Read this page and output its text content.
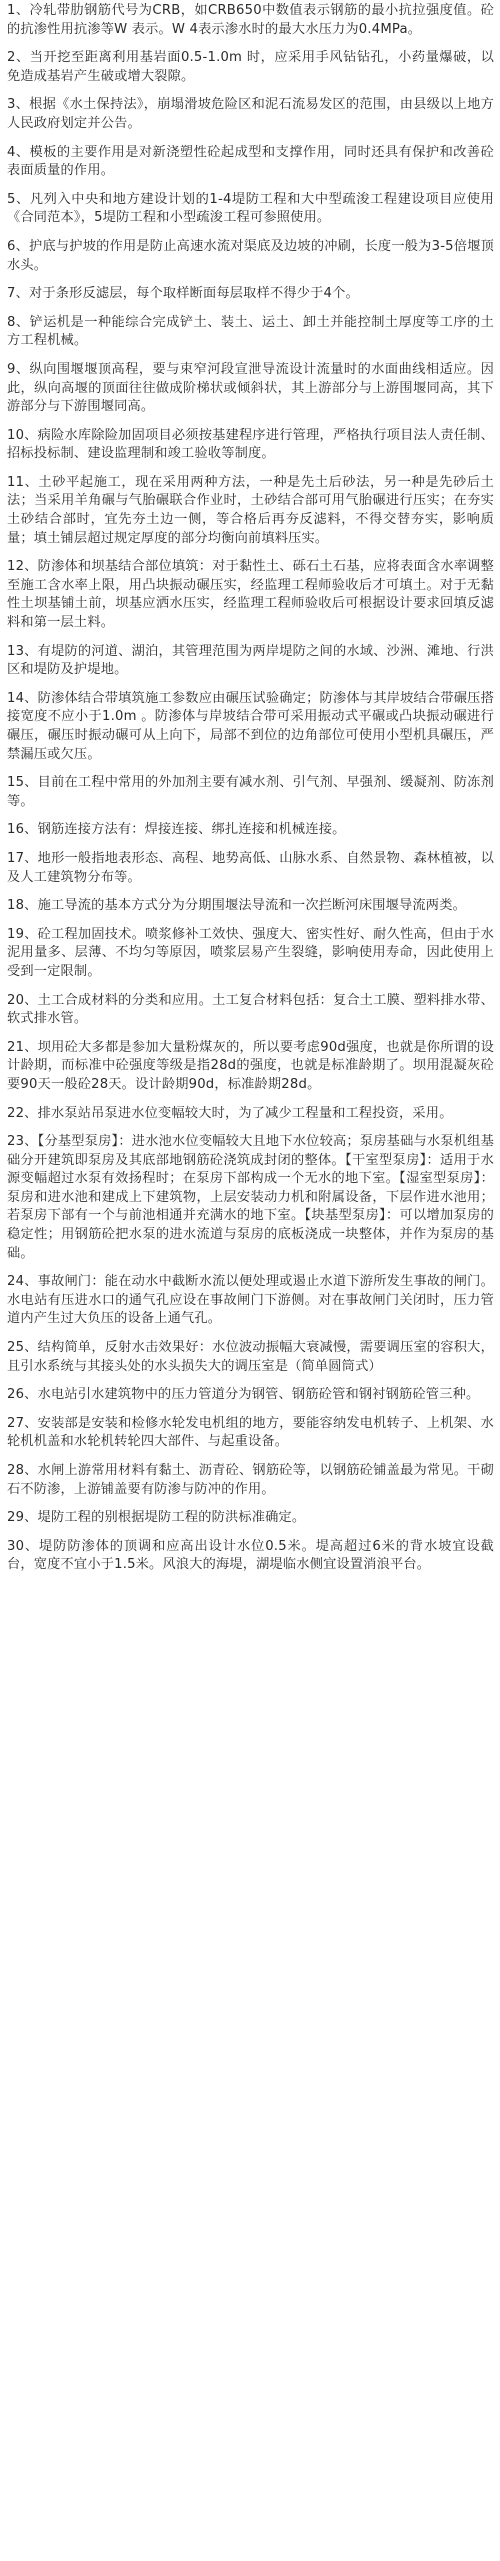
1、冷轧带肋钢筋代号为CRB，如CRB650中数值表示钢筋的最小抗拉强度值。砼的抗渗性用抗渗等W 表示。W 4表示渗水时的最大水压力为0.4MPa。

2、当开挖至距离利用基岩面0.5-1.0m 时，应采用手风钻钻孔，小药量爆破，以免造成基岩产生破或增大裂隙。

3、根据《水土保持法》，崩塌滑坡危险区和泥石流易发区的范围，由县级以上地方人民政府划定并公告。

4、模板的主要作用是对新浇塑性砼起成型和支撑作用，同时还具有保护和改善砼表面质量的作用。

5、凡列入中央和地方建设计划的1-4堤防工程和大中型疏浚工程建设项目应使用《合同范本》，5堤防工程和小型疏浚工程可参照使用。

6、护底与护坡的作用是防止高速水流对渠底及边坡的冲刷，长度一般为3-5倍堰顶水头。

7、对于条形反滤层，每个取样断面每层取样不得少于4个。

8、铲运机是一种能综合完成铲土、装土、运土、卸土并能控制土厚度等工序的土方工程机械。

9、纵向围堰堰顶高程，要与束窄河段宣泄导流设计流量时的水面曲线相适应。因此，纵向高堰的顶面往往做成阶梯状或倾斜状，其上游部分与上游围堰同高，其下游部分与下游围堰同高。

10、病险水库除险加固项目必须按基建程序进行管理，严格执行项目法人责任制、招标投标制、建设监理制和竣工验收等制度。

11、土砂平起施工，现在采用两种方法，一种是先土后砂法，另一种是先砂后土法；当采用羊角碾与气胎碾联合作业时，土砂结合部可用气胎碾进行压实；在夯实土砂结合部时，宜先夯土边一侧，等合格后再夯反滤料，不得交替夯实，影响质量；填土铺层超过规定厚度的部分均衡向前填料压实。

12、防渗体和坝基结合部位填筑：对于黏性土、砾石土石基，应将表面含水率调整至施工含水率上限，用凸块振动碾压实，经监理工程师验收后才可填土。对于无黏性土坝基铺土前，坝基应洒水压实，经监理工程师验收后可根据设计要求回填反滤料和第一层土料。

13、有堤防的河道、湖泊，其管理范围为两岸堤防之间的水域、沙洲、滩地、行洪区和堤防及护堤地。

14、防渗体结合带填筑施工参数应由碾压试验确定；防渗体与其岸坡结合带碾压搭接宽度不应小于1.0m 。防渗体与岸坡结合带可采用振动式平碾或凸块振动碾进行碾压，碾压时振动碾可从上向下，局部不到位的边角部位可使用小型机具碾压，严禁漏压或欠压。

15、目前在工程中常用的外加剂主要有减水剂、引气剂、早强剂、缓凝剂、防冻剂等。

16、钢筋连接方法有：焊接连接、绑扎连接和机械连接。

17、地形一般指地表形态、高程、地势高低、山脉水系、自然景物、森林植被，以及人工建筑物分布等。

18、施工导流的基本方式分为分期围堰法导流和一次拦断河床围堰导流两类。

19、砼工程加固技术。喷浆修补工效快、强度大、密实性好、耐久性高，但由于水泥用量多、层薄、不均匀等原因，喷浆层易产生裂缝，影响使用寿命，因此使用上受到一定限制。

20、土工合成材料的分类和应用。土工复合材料包括：复合土工膜、塑料排水带、软式排水管。

21、坝用砼大多都是参加大量粉煤灰的，所以要考虑90d强度，也就是你所谓的设计龄期，而标准中砼强度等级是指28d的强度，也就是标准龄期了。坝用混凝灰砼要90天一般砼28天。设计龄期90d，标准龄期28d。

22、排水泵站吊泵进水位变幅较大时，为了减少工程量和工程投资，采用。

23、【分基型泵房】：进水池水位变幅较大且地下水位较高；泵房基础与水泵机组基础分开建筑即泵房及其底部地钢筋砼浇筑成封闭的整体。【干室型泵房】：适用于水源变幅超过水泵有效扬程时；在泵房下部构成一个无水的地下室。【湿室型泵房】：泵房和进水池和建成上下建筑物，上层安装动力机和附属设备，下层作进水池用；若泵房下部有一个与前池相通并充满水的地下室。【块基型泵房】：可以增加泵房的稳定性；用钢筋砼把水泵的进水流道与泵房的底板浇成一块整体，并作为泵房的基础。

24、事故闸门：能在动水中截断水流以便处理或遏止水道下游所发生事故的闸门。水电站有压进水口的通气孔应设在事故闸门下游侧。对在事故闸门关闭时，压力管道内产生过大负压的设备上通气孔。

25、结构简单，反射水击效果好：水位波动振幅大衰减慢，需要调压室的容积大，且引水系统与其接头处的水头损失大的调压室是（简单圆筒式）

26、水电站引水建筑物中的压力管道分为钢管、钢筋砼管和钢衬钢筋砼管三种。

27、安装部是安装和检修水轮发电机组的地方，要能容纳发电机转子、上机架、水轮机机盖和水轮机转轮四大部件、与起重设备。

28、水闸上游常用材料有黏土、沥青砼、钢筋砼等，以钢筋砼铺盖最为常见。干砌石不防渗，上游铺盖要有防渗与防冲的作用。

29、堤防工程的别根据堤防工程的防洪标准确定。

30、堤防防渗体的顶调和应高出设计水位0.5米。堤高超过6米的背水坡宜设截台，宽度不宜小于1.5米。风浪大的海堤，湖堤临水侧宜设置消浪平台。
